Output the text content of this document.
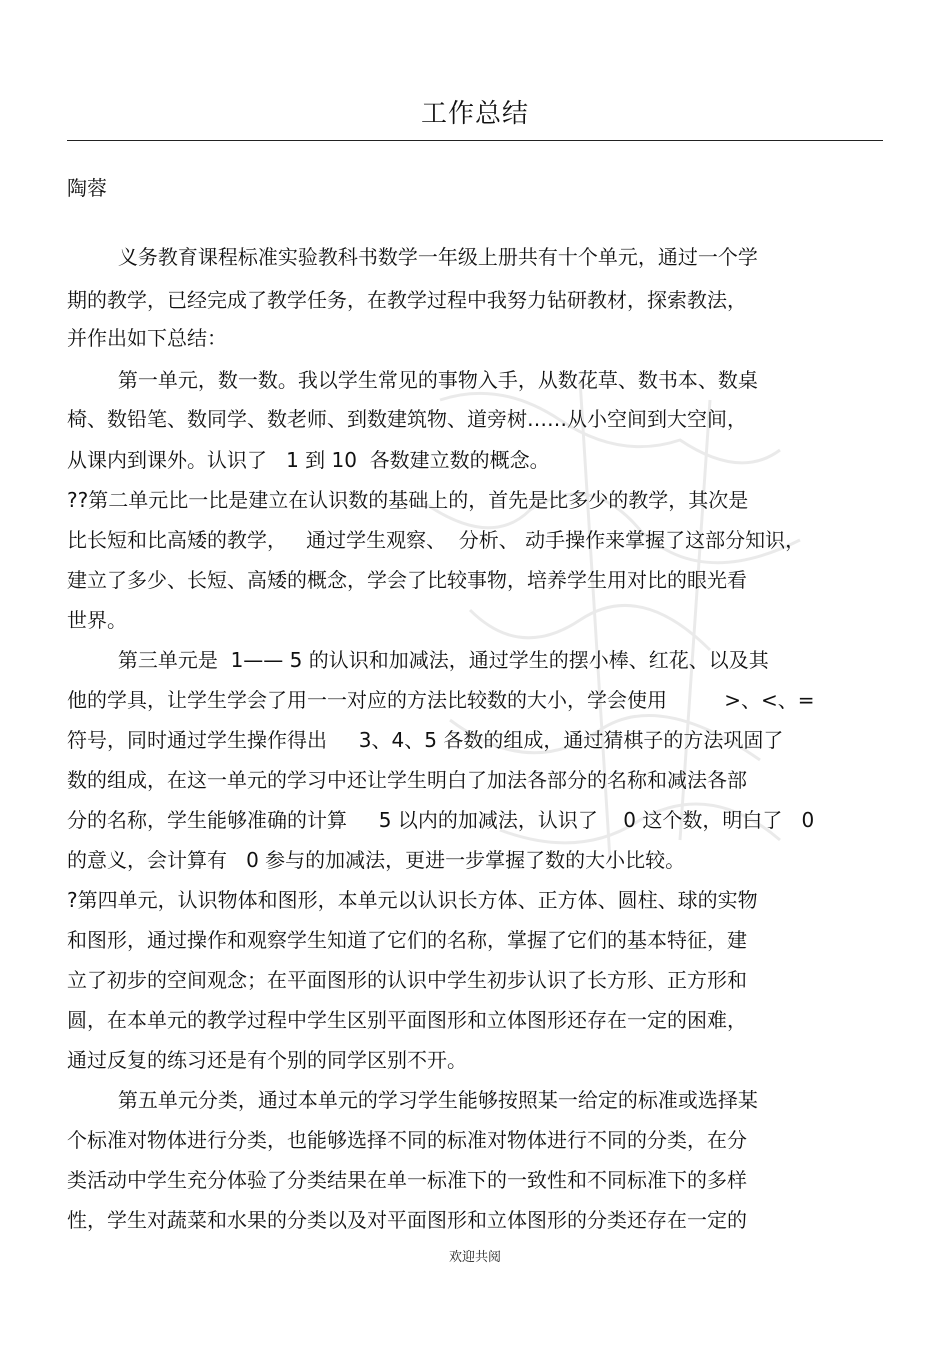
工作总结
陶蓉
义务教育课程标准实验教科书数学一年级上册共有十个单元，通过一个学
期的教学，已经完成了教学任务，在教学过程中我努力钻研教材，探索教法，
并作出如下总结：
第一单元，数一数。我以学生常见的事物入手，从数花草、数书本、数桌
椅、数铅笔、数同学、数老师、到数建筑物、道旁树……从小空间到大空间，
从课内到课外。认识了   1 到 10  各数建立数的概念。
??第二单元比一比是建立在认识数的基础上的，首先是比多少的教学，其次是
比长短和比高矮的教学，   通过学生观察、  分析、 动手操作来掌握了这部分知识，
建立了多少、长短、高矮的概念，学会了比较事物，培养学生用对比的眼光看
世界。
第三单元是  1—— 5 的认识和加减法，通过学生的摆小棒、红花、以及其
他的学具，让学生学会了用一一对应的方法比较数的大小，学会使用         >、<、=
符号，同时通过学生操作得出     3、4、5 各数的组成，通过猜棋子的方法巩固了
数的组成，在这一单元的学习中还让学生明白了加法各部分的名称和减法各部
分的名称，学生能够准确的计算     5 以内的加减法，认识了    0 这个数，明白了   0
的意义，会计算有   0 参与的加减法，更进一步掌握了数的大小比较。
?第四单元，认识物体和图形，本单元以认识长方体、正方体、圆柱、球的实物
和图形，通过操作和观察学生知道了它们的名称，掌握了它们的基本特征，建
立了初步的空间观念；在平面图形的认识中学生初步认识了长方形、正方形和
圆，在本单元的教学过程中学生区别平面图形和立体图形还存在一定的困难，
通过反复的练习还是有个别的同学区别不开。
第五单元分类，通过本单元的学习学生能够按照某一给定的标准或选择某
个标准对物体进行分类，也能够选择不同的标准对物体进行不同的分类，在分
类活动中学生充分体验了分类结果在单一标准下的一致性和不同标准下的多样
性，学生对蔬菜和水果的分类以及对平面图形和立体图形的分类还存在一定的
欢迎共阅
